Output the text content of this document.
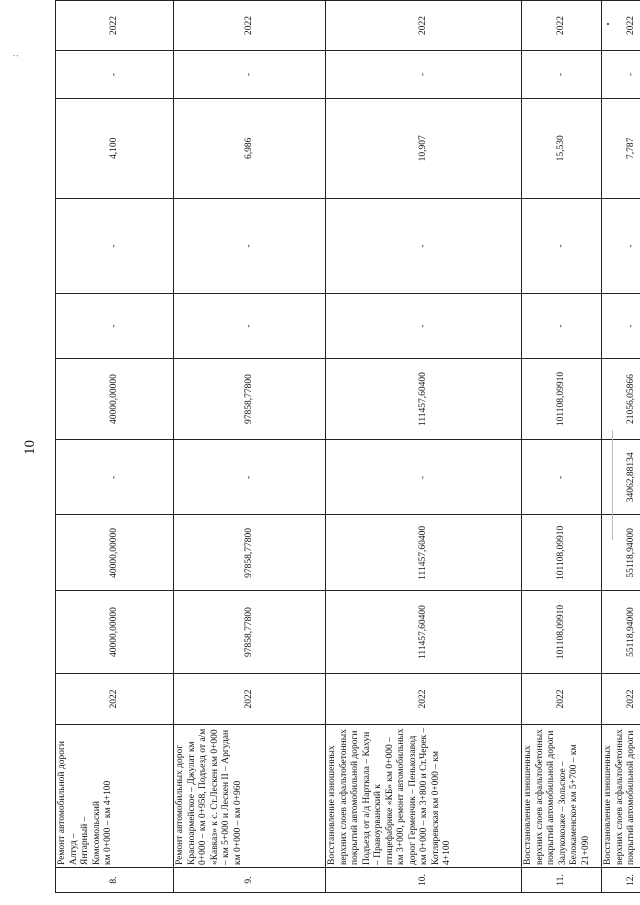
10
:
8.	Ремонт автомобильной дороги Алтуд –
Янтарный –
Комсомольский
км 0+000 – км 4+100	2022	40000,00000	40000,00000	-	40000,00000	-	-	4,100	-	2022
9.	Ремонт автомобильных дорог Красноармейское – Джулат км 0+000 – км 0+958, Подъезд от а/м «Кавказ» к с. Ст.Лескен км 0+000 – км 5+000 и Лескен II – Аргудан км 0+000 – км 0+960	2022	97858,77800	97858,77800	-	97858,77800	-	-	6,986	-	2022
10.	Восстановление изношенных верхних слоев асфальтобетонных покрытий автомобильной дороги Подъезд от а/д Нарткала – Кахун – Правоурванский к птицефабрике «КБ» км 0+000 – км 3+000, ремонт автомобильных дорог Герменчик – Пенькозавод км 0+000 – км 3+800 и Ст.Черек – Котляревская км 0+000 – км 4+100	2022	111457,60400	111457,60400	-	111457,60400	-	-	10,907	-	2022
11.	Восстановление изношенных верхних слоев асфальтобетонных покрытий автомобильной дороги Залукокоаже – Зольское – Белокаменское км 5+700 – км 21+090	2022	101108,09910	101108,09910	-	101108,09910	-	-	15,530	-	2022
12.	Восстановление изношенных верхних слоев асфальтобетонных покрытий автомобильной дороги	2022	55118,94000	55118,94000	34062,88134	21056,05866	-	-	7,787	-	2022
